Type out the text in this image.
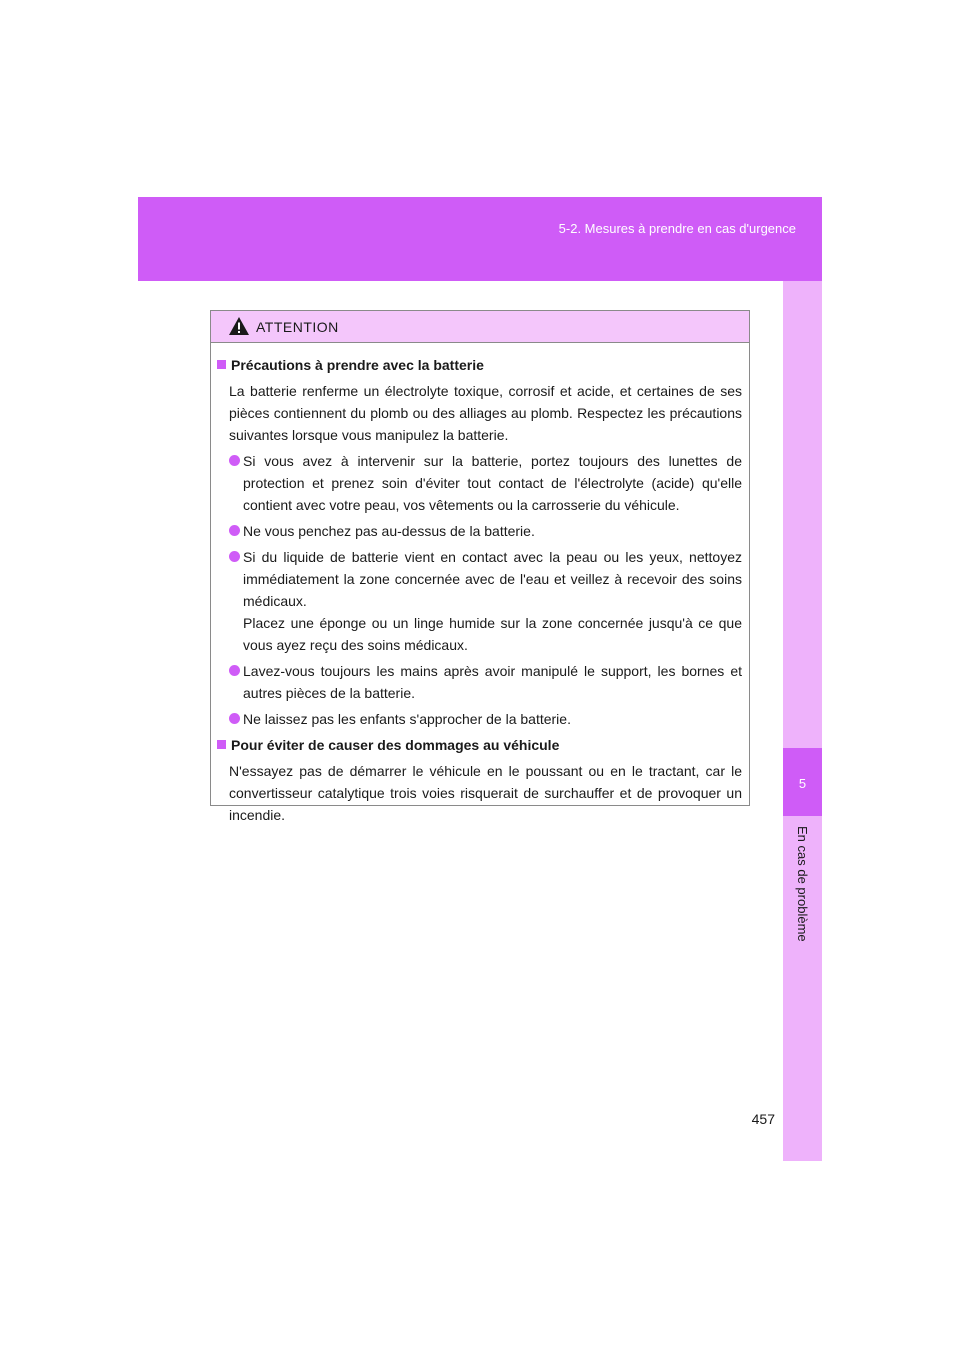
5-2. Mesures à prendre en cas d'urgence
5
En cas de problème
457
ATTENTION
Précautions à prendre avec la batterie
La batterie renferme un électrolyte toxique, corrosif et acide, et certaines de ses pièces contiennent du plomb ou des alliages au plomb. Respectez les précautions suivantes lorsque vous manipulez la batterie.
Si vous avez à intervenir sur la batterie, portez toujours des lunettes de protection et prenez soin d'éviter tout contact de l'électrolyte (acide) qu'elle contient avec votre peau, vos vêtements ou la carrosserie du véhicule.
Ne vous penchez pas au-dessus de la batterie.
Si du liquide de batterie vient en contact avec la peau ou les yeux, nettoyez immédiatement la zone concernée avec de l'eau et veillez à recevoir des soins médicaux.
Placez une éponge ou un linge humide sur la zone concernée jusqu'à ce que vous ayez reçu des soins médicaux.
Lavez-vous toujours les mains après avoir manipulé le support, les bornes et autres pièces de la batterie.
Ne laissez pas les enfants s'approcher de la batterie.
Pour éviter de causer des dommages au véhicule
N'essayez pas de démarrer le véhicule en le poussant ou en le tractant, car le convertisseur catalytique trois voies risquerait de surchauffer et de provoquer un incendie.
